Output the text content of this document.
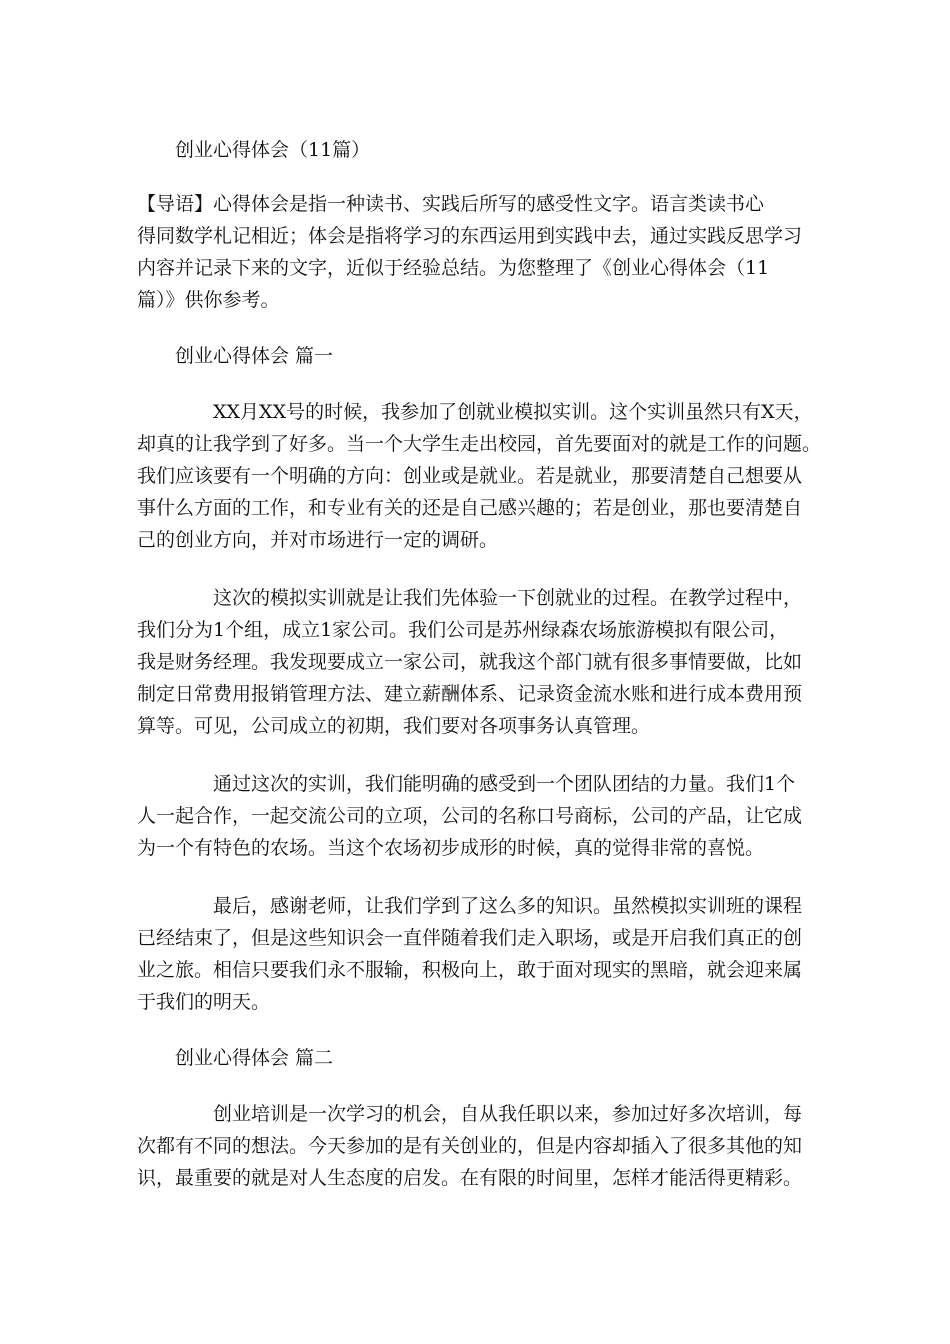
创业心得体会（11篇）

【导语】心得体会是指一种读书、实践后所写的感受性文字。语言类读书心
得同数学札记相近；体会是指将学习的东西运用到实践中去，通过实践反思学习
内容并记录下来的文字，近似于经验总结。为您整理了《创业心得体会（11
篇）》供你参考。

创业心得体会 篇一

XX月XX号的时候，我参加了创就业模拟实训。这个实训虽然只有X天，
却真的让我学到了好多。当一个大学生走出校园，首先要面对的就是工作的问题。
我们应该要有一个明确的方向：创业或是就业。若是就业，那要清楚自己想要从
事什么方面的工作，和专业有关的还是自己感兴趣的；若是创业，那也要清楚自
己的创业方向，并对市场进行一定的调研。

这次的模拟实训就是让我们先体验一下创就业的过程。在教学过程中，
我们分为1个组，成立1家公司。我们公司是苏州绿森农场旅游模拟有限公司，
我是财务经理。我发现要成立一家公司，就我这个部门就有很多事情要做，比如
制定日常费用报销管理方法、建立薪酬体系、记录资金流水账和进行成本费用预
算等。可见，公司成立的初期，我们要对各项事务认真管理。

通过这次的实训，我们能明确的感受到一个团队团结的力量。我们1个
人一起合作，一起交流公司的立项，公司的名称口号商标，公司的产品，让它成
为一个有特色的农场。当这个农场初步成形的时候，真的觉得非常的喜悦。

最后，感谢老师，让我们学到了这么多的知识。虽然模拟实训班的课程
已经结束了，但是这些知识会一直伴随着我们走入职场，或是开启我们真正的创
业之旅。相信只要我们永不服输，积极向上，敢于面对现实的黑暗，就会迎来属
于我们的明天。

创业心得体会 篇二

创业培训是一次学习的机会，自从我任职以来，参加过好多次培训，每
次都有不同的想法。今天参加的是有关创业的，但是内容却插入了很多其他的知
识，最重要的就是对人生态度的启发。在有限的时间里，怎样才能活得更精彩。
